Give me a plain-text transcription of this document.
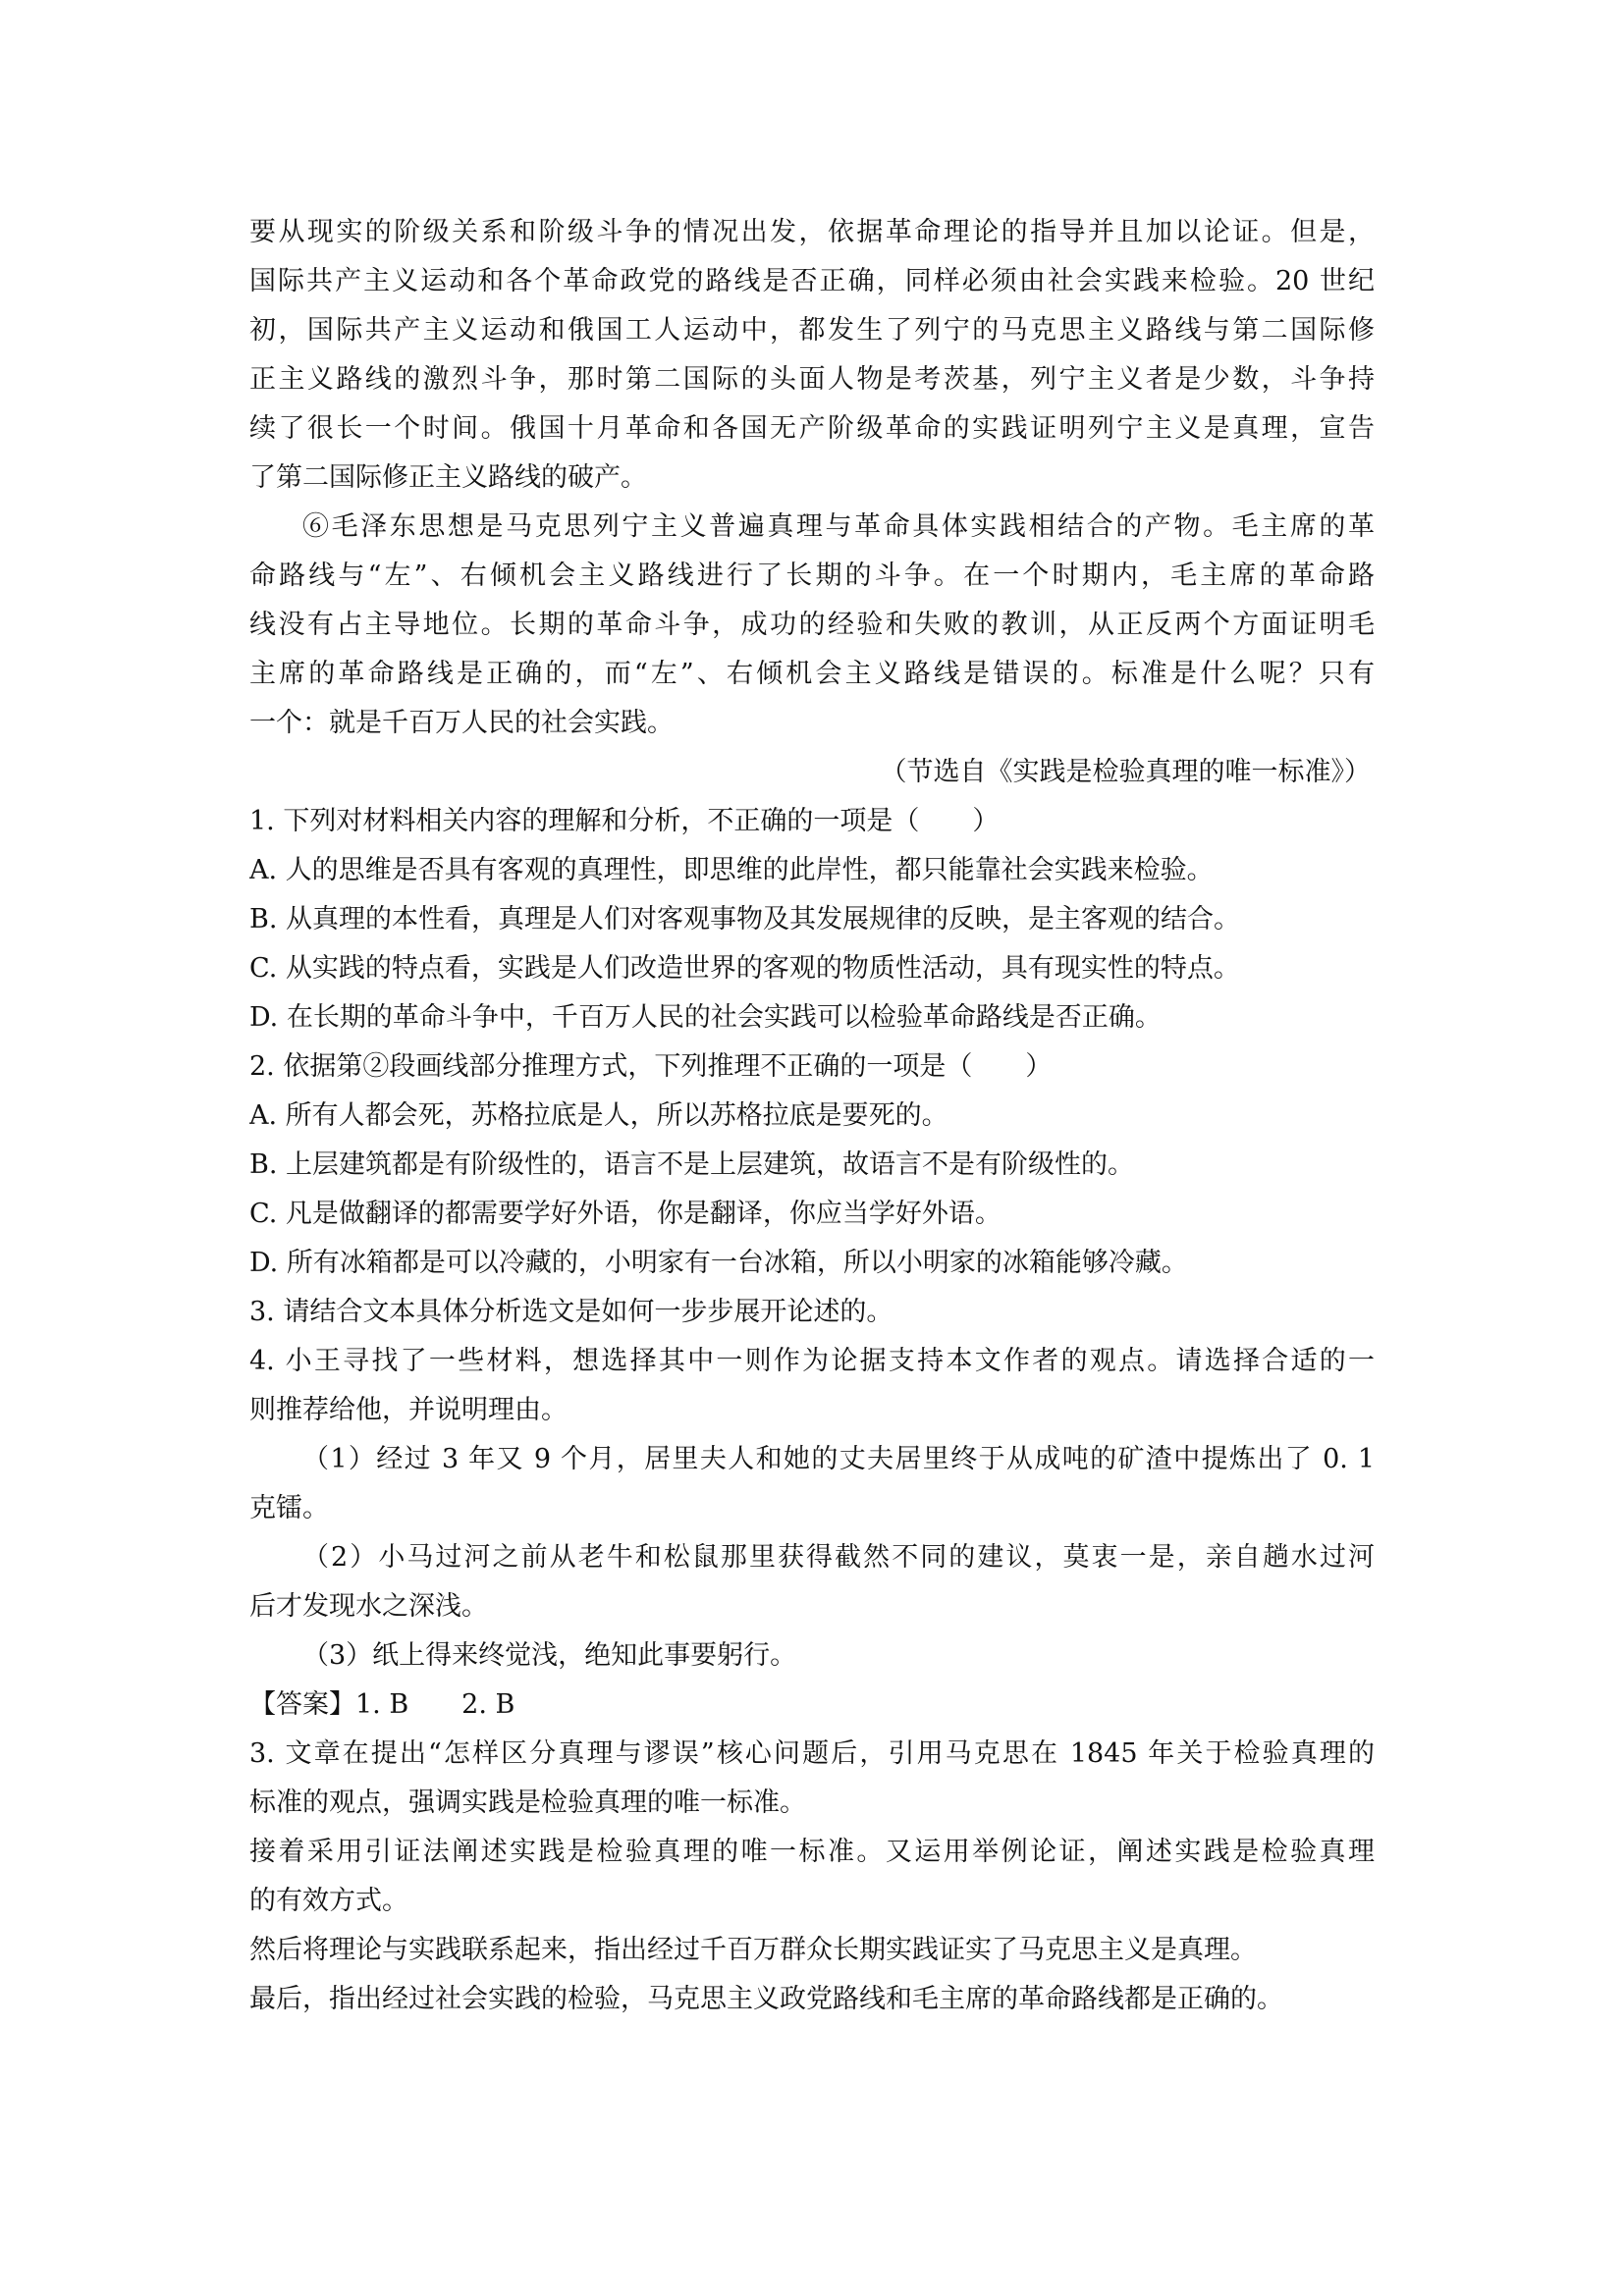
要从现实的阶级关系和阶级斗争的情况出发，依据革命理论的指导并且加以论证。但是，
国际共产主义运动和各个革命政党的路线是否正确，同样必须由社会实践来检验。20 世纪
初，国际共产主义运动和俄国工人运动中，都发生了列宁的马克思主义路线与第二国际修
正主义路线的激烈斗争，那时第二国际的头面人物是考茨基，列宁主义者是少数，斗争持
续了很长一个时间。俄国十月革命和各国无产阶级革命的实践证明列宁主义是真理，宣告
了第二国际修正主义路线的破产。
⑥毛泽东思想是马克思列宁主义普遍真理与革命具体实践相结合的产物。毛主席的革
命路线与“左”、右倾机会主义路线进行了长期的斗争。在一个时期内，毛主席的革命路
线没有占主导地位。长期的革命斗争，成功的经验和失败的教训，从正反两个方面证明毛
主席的革命路线是正确的，而“左”、右倾机会主义路线是错误的。标准是什么呢？只有
一个：就是千百万人民的社会实践。
（节选自《实践是检验真理的唯一标准》）
1. 下列对材料相关内容的理解和分析，不正确的一项是（　　）
A. 人的思维是否具有客观的真理性，即思维的此岸性，都只能靠社会实践来检验。
B. 从真理的本性看，真理是人们对客观事物及其发展规律的反映，是主客观的结合。
C. 从实践的特点看，实践是人们改造世界的客观的物质性活动，具有现实性的特点。
D. 在长期的革命斗争中，千百万人民的社会实践可以检验革命路线是否正确。
2. 依据第②段画线部分推理方式，下列推理不正确的一项是（　　）
A. 所有人都会死，苏格拉底是人，所以苏格拉底是要死的。
B. 上层建筑都是有阶级性的，语言不是上层建筑，故语言不是有阶级性的。
C. 凡是做翻译的都需要学好外语，你是翻译，你应当学好外语。
D. 所有冰箱都是可以冷藏的，小明家有一台冰箱，所以小明家的冰箱能够冷藏。
3. 请结合文本具体分析选文是如何一步步展开论述的。
4. 小王寻找了一些材料，想选择其中一则作为论据支持本文作者的观点。请选择合适的一
则推荐给他，并说明理由。
（1）经过 3 年又 9 个月，居里夫人和她的丈夫居里终于从成吨的矿渣中提炼出了 0. 1
克镭。
（2）小马过河之前从老牛和松鼠那里获得截然不同的建议，莫衷一是，亲自趟水过河
后才发现水之深浅。
（3）纸上得来终觉浅，绝知此事要躬行。
【答案】1. B　　2. B
3. 文章在提出“怎样区分真理与谬误”核心问题后，引用马克思在 1845 年关于检验真理的
标准的观点，强调实践是检验真理的唯一标准。
接着采用引证法阐述实践是检验真理的唯一标准。又运用举例论证，阐述实践是检验真理
的有效方式。
然后将理论与实践联系起来，指出经过千百万群众长期实践证实了马克思主义是真理。
最后，指出经过社会实践的检验，马克思主义政党路线和毛主席的革命路线都是正确的。
